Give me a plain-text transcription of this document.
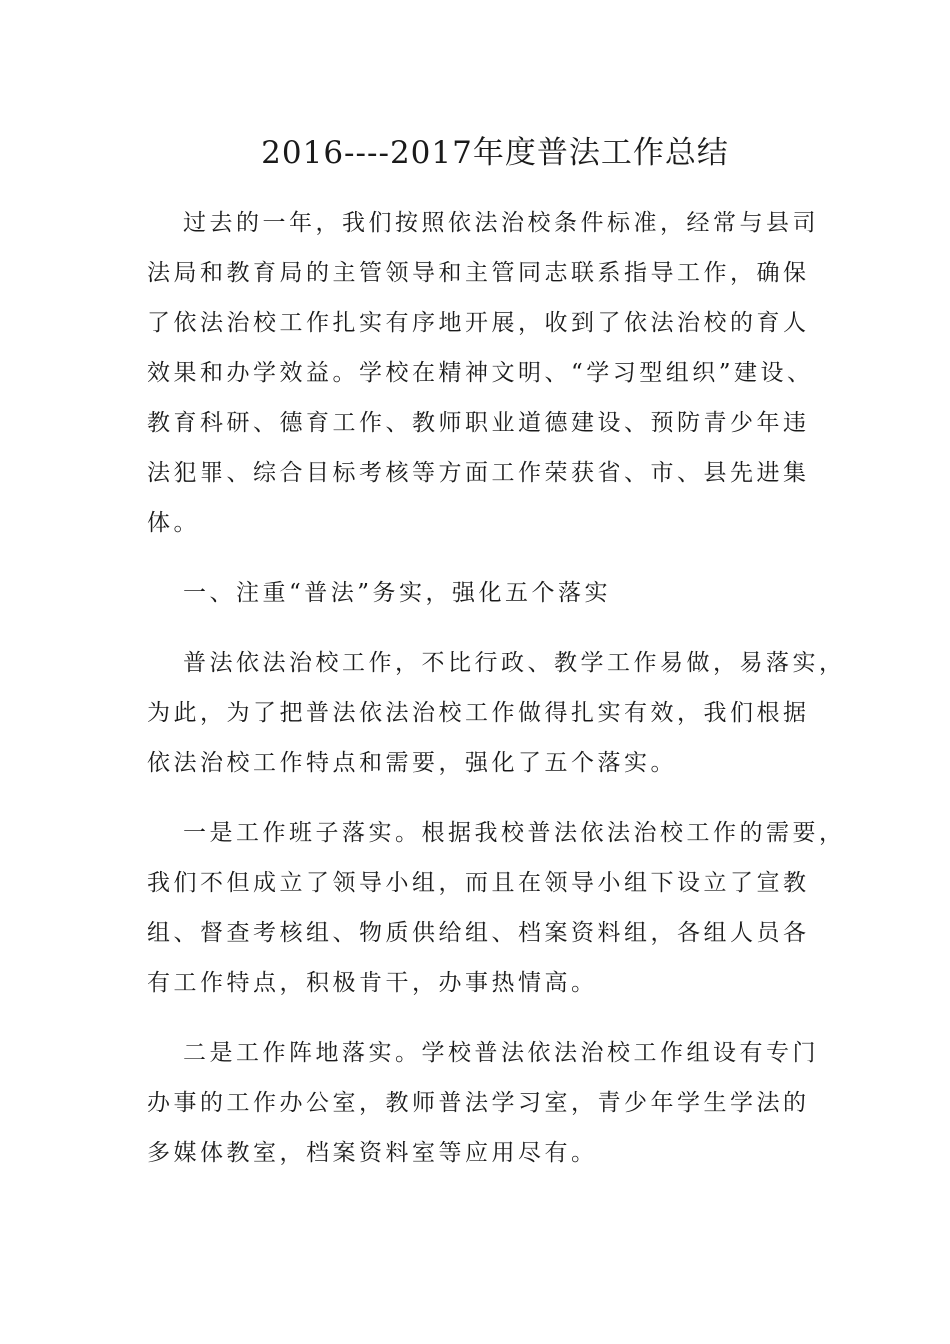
2016----2017年度普法工作总结
过去的一年，我们按照依法治校条件标准，经常与县司
法局和教育局的主管领导和主管同志联系指导工作，确保
了依法治校工作扎实有序地开展，收到了依法治校的育人
效果和办学效益。学校在精神文明、“学习型组织”建设、
教育科研、德育工作、教师职业道德建设、预防青少年违
法犯罪、综合目标考核等方面工作荣获省、市、县先进集
体。
一、注重“普法”务实，强化五个落实
普法依法治校工作，不比行政、教学工作易做，易落实，
为此，为了把普法依法治校工作做得扎实有效，我们根据
依法治校工作特点和需要，强化了五个落实。
一是工作班子落实。根据我校普法依法治校工作的需要，
我们不但成立了领导小组，而且在领导小组下设立了宣教
组、督查考核组、物质供给组、档案资料组，各组人员各
有工作特点，积极肯干，办事热情高。
二是工作阵地落实。学校普法依法治校工作组设有专门
办事的工作办公室，教师普法学习室，青少年学生学法的
多媒体教室，档案资料室等应用尽有。
